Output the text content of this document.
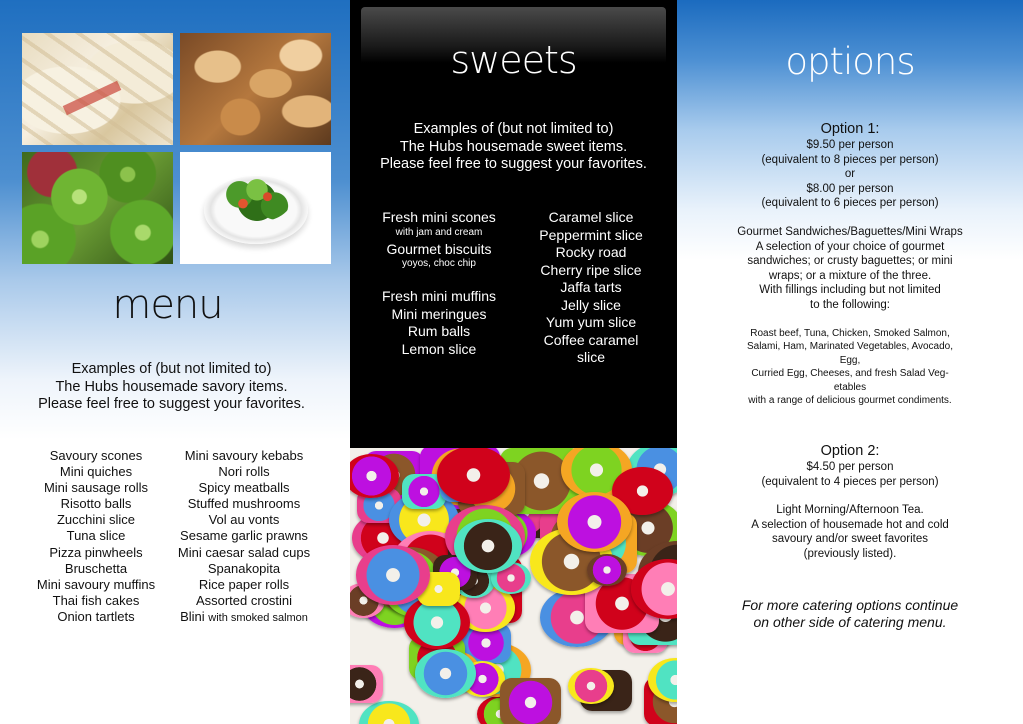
menu
Examples of (but not limited to)
The Hubs housemade savory items.
Please feel free to suggest your favorites.
Savoury scones
Mini quiches
Mini sausage rolls
Risotto balls
Zucchini slice
Tuna slice
Pizza pinwheels
Bruschetta
Mini savoury muffins
Thai fish cakes
Onion tartlets
Mini savoury kebabs
Nori rolls
Spicy meatballs
Stuffed mushrooms
Vol au vonts
Sesame garlic prawns
Mini caesar salad cups
Spanakopita
Rice paper rolls
Assorted crostini
Blini with smoked salmon
sweets
Examples of (but not limited to)
The Hubs housemade sweet items.
Please feel free to suggest your favorites.
Fresh mini scones
with jam and cream
Gourmet biscuits
yoyos, choc chip
Fresh mini muffins
Mini meringues
Rum balls
Lemon slice
Caramel slice
Peppermint slice
Rocky road
Cherry ripe slice
Jaffa tarts
Jelly slice
Yum yum slice
Coffee caramel
slice
options
Option 1:
$9.50 per person
(equivalent to 8 pieces per person)
or
$8.00 per person
(equivalent to 6 pieces per person)
Gourmet Sandwiches/Baguettes/Mini Wraps
A selection of your choice of gourmet
sandwiches; or crusty baguettes; or mini
wraps; or a mixture of the three.
With fillings including but not limited
to the following:
Roast beef, Tuna, Chicken, Smoked Salmon,
Salami, Ham, Marinated Vegetables, Avocado,
Egg,
Curried Egg, Cheeses, and fresh Salad Veg-
etables
with a range of delicious gourmet condiments.
Option 2:
$4.50 per person
(equivalent to 4 pieces per person)
Light Morning/Afternoon Tea.
A selection of housemade hot and cold
savoury and/or sweet favorites
(previously listed).
For more catering options continue
on other side of catering menu.
